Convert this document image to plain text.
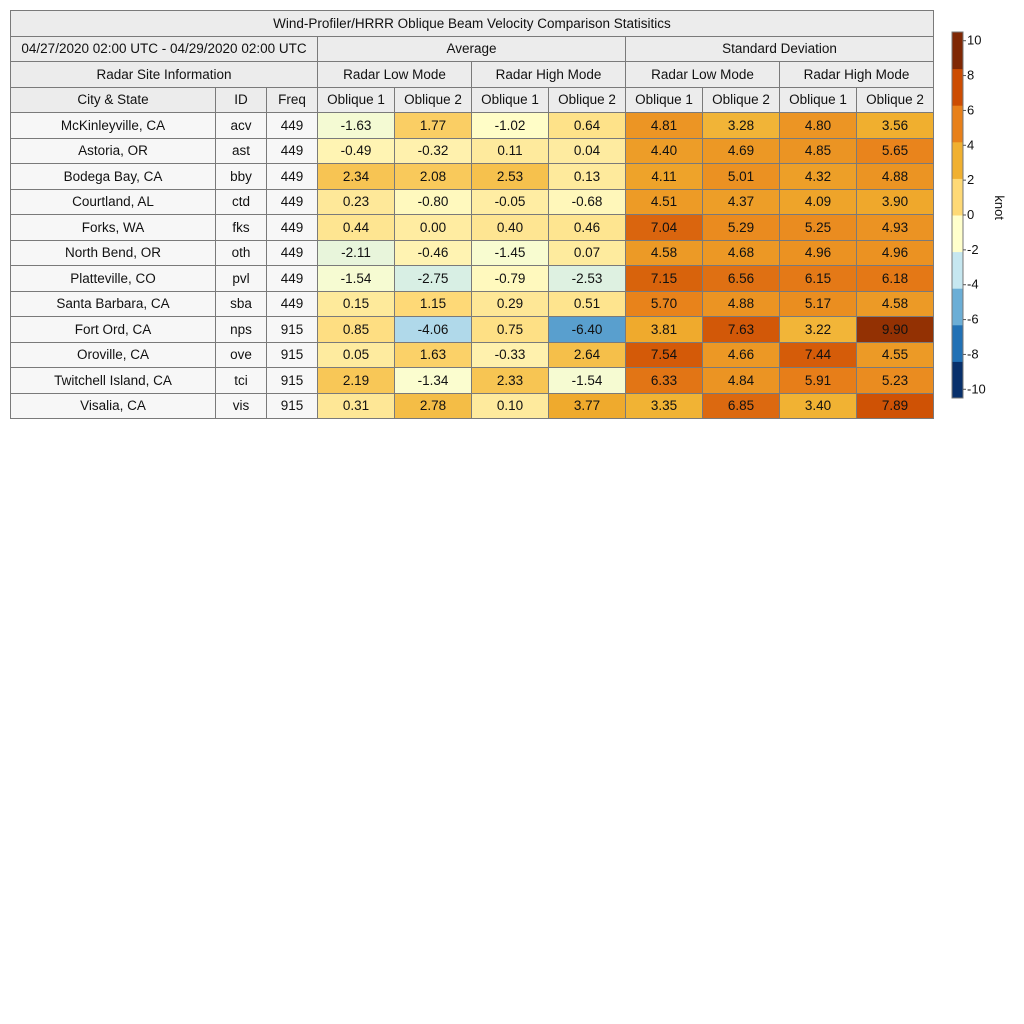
Wind-Profiler/HRRR Oblique Beam Velocity Comparison Statisitics										
04/27/2020 02:00 UTC - 04/29/2020 02:00 UTC			Average				Standard Deviation			
Radar Site Information			Radar Low Mode		Radar High Mode		Radar Low Mode		Radar High Mode	
City & State	ID	Freq	Oblique 1	Oblique 2	Oblique 1	Oblique 2	Oblique 1	Oblique 2	Oblique 1	Oblique 2
McKinleyville, CA	acv	449	-1.63	1.77	-1.02	0.64	4.81	3.28	4.80	3.56
Astoria, OR	ast	449	-0.49	-0.32	0.11	0.04	4.40	4.69	4.85	5.65
Bodega Bay, CA	bby	449	2.34	2.08	2.53	0.13	4.11	5.01	4.32	4.88
Courtland, AL	ctd	449	0.23	-0.80	-0.05	-0.68	4.51	4.37	4.09	3.90
Forks, WA	fks	449	0.44	0.00	0.40	0.46	7.04	5.29	5.25	4.93
North Bend, OR	oth	449	-2.11	-0.46	-1.45	0.07	4.58	4.68	4.96	4.96
Platteville, CO	pvl	449	-1.54	-2.75	-0.79	-2.53	7.15	6.56	6.15	6.18
Santa Barbara, CA	sba	449	0.15	1.15	0.29	0.51	5.70	4.88	5.17	4.58
Fort Ord, CA	nps	915	0.85	-4.06	0.75	-6.40	3.81	7.63	3.22	9.90
Oroville, CA	ove	915	0.05	1.63	-0.33	2.64	7.54	4.66	7.44	4.55
Twitchell Island, CA	tci	915	2.19	-1.34	2.33	-1.54	6.33	4.84	5.91	5.23
Visalia, CA	vis	915	0.31	2.78	0.10	3.77	3.35	6.85	3.40	7.89
10
8
6
4
2
0
-2
-4
-6
-8
-10
knot
